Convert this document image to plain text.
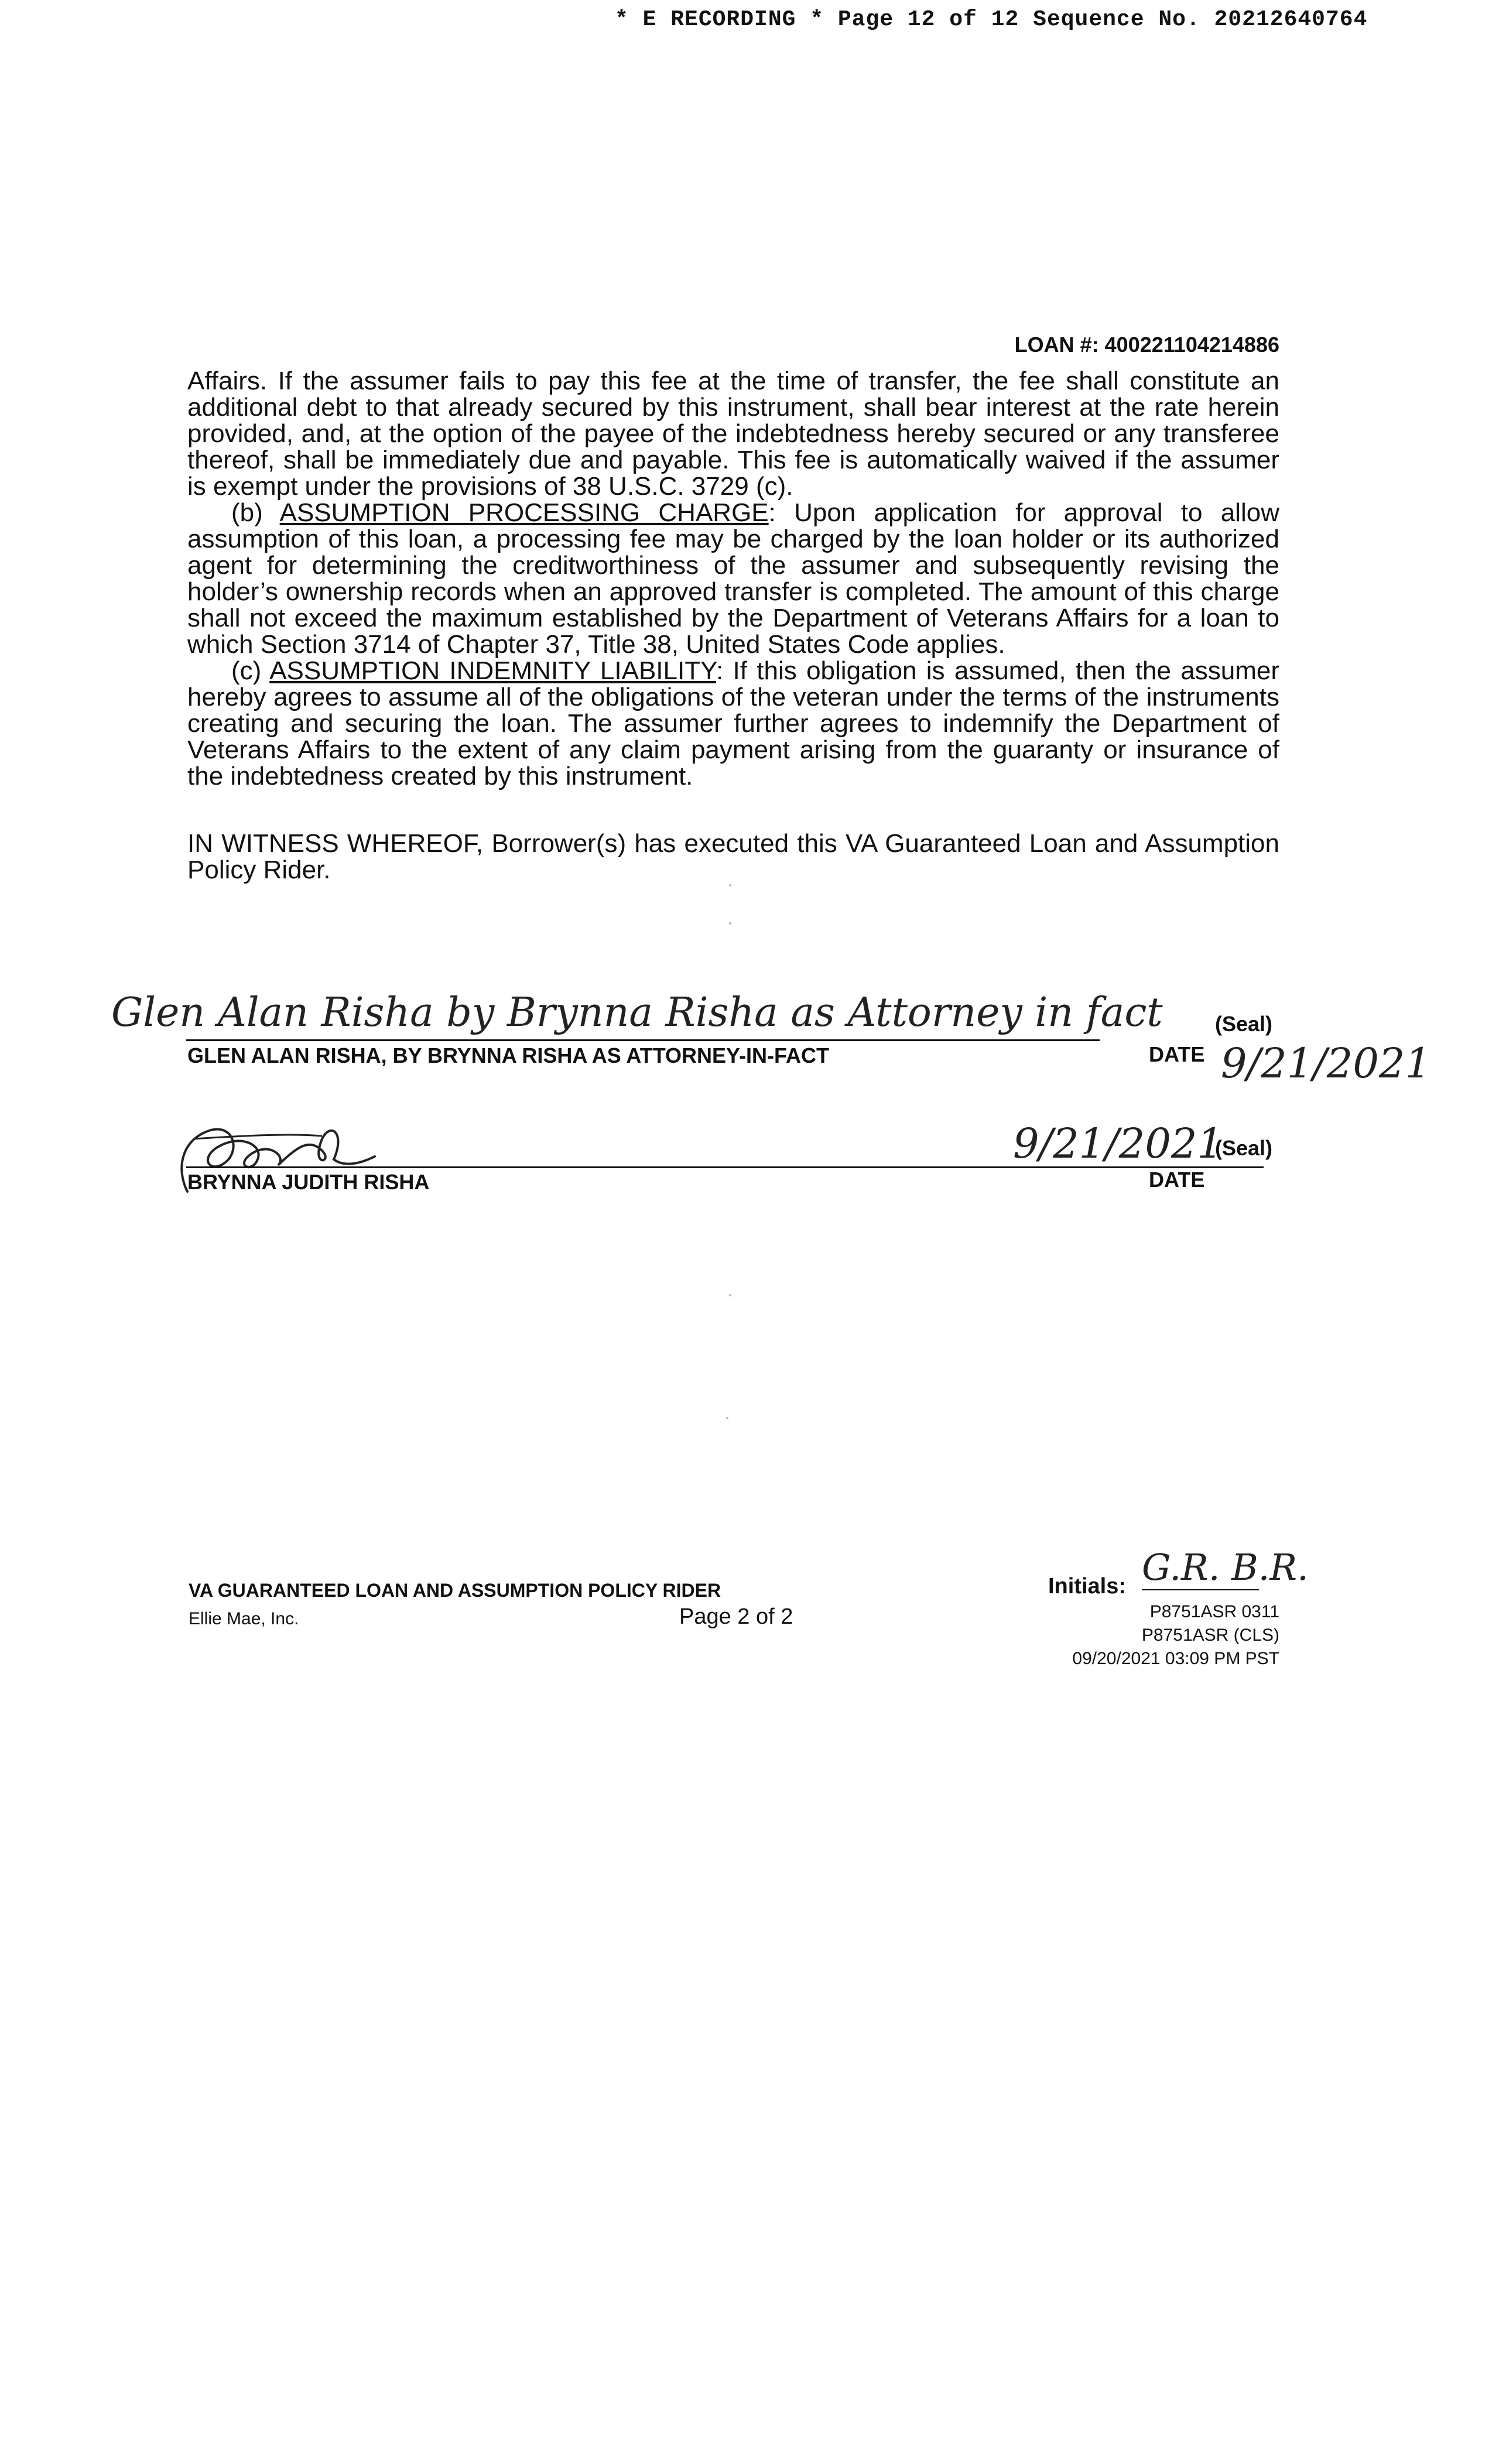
* E RECORDING * Page 12 of 12 Sequence No. 20212640764
LOAN #: 400221104214886

Affairs. If the assumer fails to pay this fee at the time of transfer, the fee shall constitute an additional debt to that already secured by this instrument, shall bear interest at the rate herein provided, and, at the option of the payee of the indebtedness hereby secured or any transferee thereof, shall be immediately due and payable. This fee is automatically waived if the assumer is exempt under the provisions of 38 U.S.C. 3729 (c).

(b) ASSUMPTION PROCESSING CHARGE: Upon application for approval to allow assumption of this loan, a processing fee may be charged by the loan holder or its authorized agent for determining the creditworthiness of the assumer and subsequently revising the holder’s ownership records when an approved transfer is completed. The amount of this charge shall not exceed the maximum established by the Department of Veterans Affairs for a loan to which Section 3714 of Chapter 37, Title 38, United States Code applies.

(c) ASSUMPTION INDEMNITY LIABILITY: If this obligation is assumed, then the assumer hereby agrees to assume all of the obligations of the veteran under the terms of the instruments creating and securing the loan. The assumer further agrees to indemnify the Department of Veterans Affairs to the extent of any claim payment arising from the guaranty or insurance of the indebtedness created by this instrument.

IN WITNESS WHEREOF, Borrower(s) has executed this VA Guaranteed Loan and Assumption Policy Rider.
Glen Alan Risha by Brynna Risha as Attorney in fact (Seal)
GLEN ALAN RISHA, BY BRYNNA RISHA AS ATTORNEY-IN-FACT	DATE 9/21/2021
9/21/2021
(Seal)
BRYNNA JUDITH RISHA	DATE
VA GUARANTEED LOAN AND ASSUMPTION POLICY RIDER
Ellie Mae, Inc.	Page 2 of 2
Initials: G.R. B.R.
P8751ASR 0311
P8751ASR (CLS)
09/20/2021 03:09 PM PST
